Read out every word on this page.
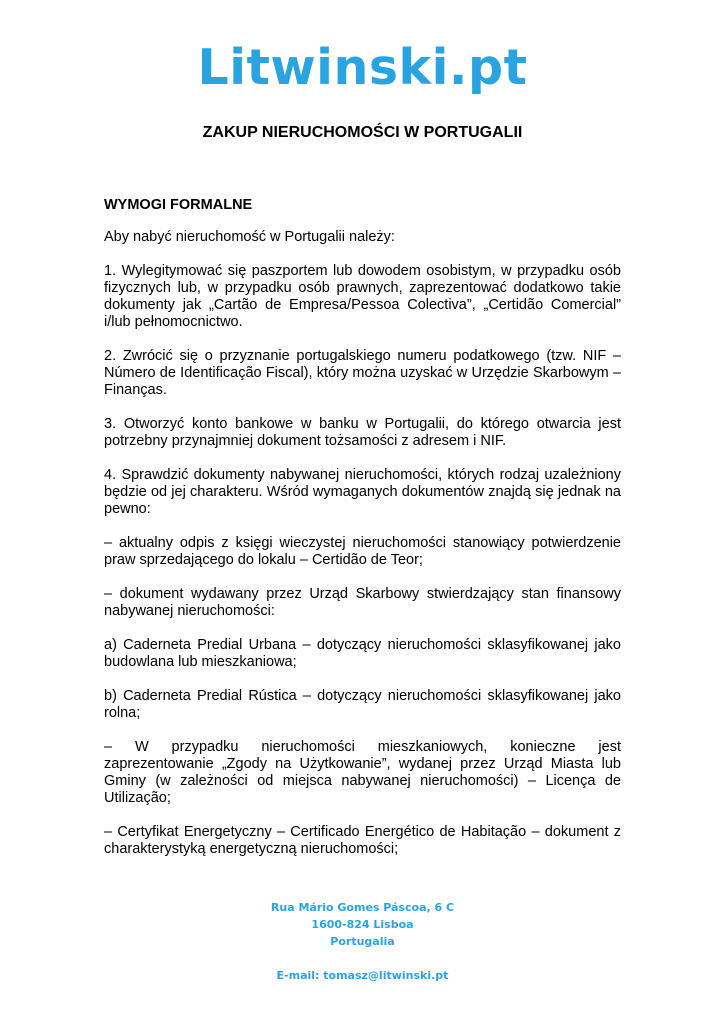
Litwinski.pt
ZAKUP NIERUCHOMOŚCI W PORTUGALII
WYMOGI FORMALNE

Aby nabyć nieruchomość w Portugalii należy:

1. Wylegitymować się paszportem lub dowodem osobistym, w przypadku osób fizycznych lub, w przypadku osób prawnych, zaprezentować dodatkowo takie dokumenty jak „Cartão de Empresa/Pessoa Colectiva”, „Certidão Comercial” i/lub pełnomocnictwo.

2. Zwrócić się o przyznanie portugalskiego numeru podatkowego (tzw. NIF – Número de Identificação Fiscal), który można uzyskać w Urzędzie Skarbowym – Finanças.

3. Otworzyć konto bankowe w banku w Portugalii, do którego otwarcia jest potrzebny przynajmniej dokument tożsamości z adresem i NIF.

4. Sprawdzić dokumenty nabywanej nieruchomości, których rodzaj uzależniony będzie od jej charakteru. Wśród wymaganych dokumentów znajdą się jednak na pewno:

– aktualny odpis z księgi wieczystej nieruchomości stanowiący potwierdzenie praw sprzedającego do lokalu – Certidão de Teor;

– dokument wydawany przez Urząd Skarbowy stwierdzający stan finansowy nabywanej nieruchomości:

a) Caderneta Predial Urbana – dotyczący nieruchomości sklasyfikowanej jako budowlana lub mieszkaniowa;

b) Caderneta Predial Rústica – dotyczący nieruchomości sklasyfikowanej jako rolna;

– W przypadku nieruchomości mieszkaniowych, konieczne jest zaprezentowanie „Zgody na Użytkowanie”, wydanej przez Urząd Miasta lub Gminy (w zależności od miejsca nabywanej nieruchomości) – Licença de Utilização;

– Certyfikat Energetyczny – Certificado Energético de Habitação – dokument z charakterystyką energetyczną nieruchomości;

Rua Mário Gomes Páscoa, 6 C
1600-824 Lisboa
Portugalia
E-mail: tomasz@litwinski.pt
